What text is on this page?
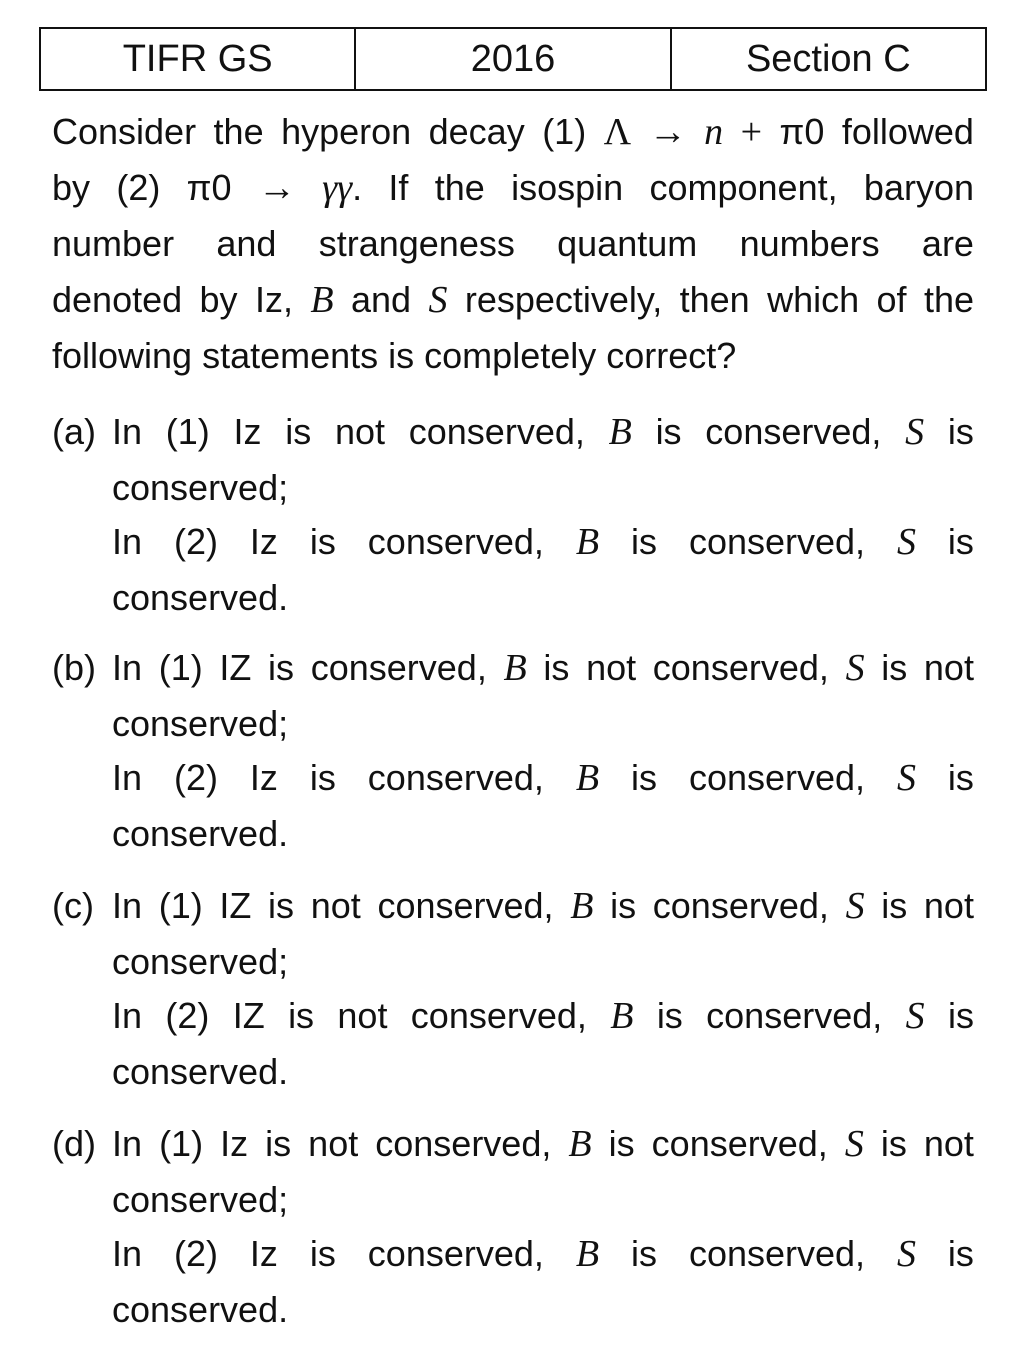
TIFR GS	2016	Section C
Consider the hyperon decay (1) Λ → n + π0 followed
by (2) π0 → γγ. If the isospin component, baryon
number and strangeness quantum numbers are
denoted by Iz, B and S respectively, then which of the
following statements is completely correct?
(a) In (1) Iz is not conserved, B is conserved, S is
conserved;
In (2) Iz is conserved, B is conserved, S is
conserved.
(b) In (1) IZ is conserved, B is not conserved, S is not
conserved;
In (2) Iz is conserved, B is conserved, S is
conserved.
(c) In (1) IZ is not conserved, B is conserved, S is not
conserved;
In (2) IZ is not conserved, B is conserved, S is
conserved.
(d) In (1) Iz is not conserved, B is conserved, S is not
conserved;
In (2) Iz is conserved, B is conserved, S is
conserved.
